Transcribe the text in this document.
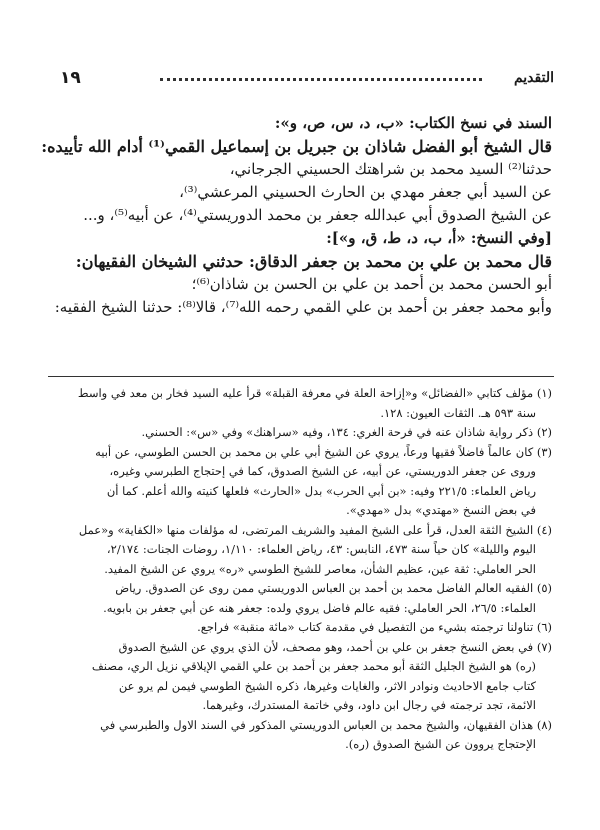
التقديم
١٩
السند في نسخ الكتاب: «ب، د، س، ص، و»:
قال الشيخ أبو الفضل شاذان بن جبريل بن إسماعيل القمي⁽¹⁾ أدام الله تأييده:
حدثنا⁽²⁾ السيد محمد بن شراهتك الحسيني الجرجاني،
عن السيد أبي جعفر مهدي بن الحارث الحسيني المرعشي⁽³⁾،
عن الشيخ الصدوق أبي عبدالله جعفر بن محمد الدوريستي⁽⁴⁾، عن أبيه⁽⁵⁾، و...
[وفي النسخ: «أ، ب، د، ط، ق، و»]:
قال محمد بن علي بن محمد بن جعفر الدقاق: حدثني الشيخان الفقيهان:
أبو الحسن محمد بن أحمد بن علي بن الحسن بن شاذان⁽⁶⁾؛
وأبو محمد جعفر بن أحمد بن علي القمي رحمه الله⁽⁷⁾، قالا⁽⁸⁾: حدثنا الشيخ الفقيه:
(١) مؤلف كتابي «الفضائل» و«إزاحة العلة في معرفة القبلة» قرأ عليه السيد فخار بن معد في واسط
سنة ٥٩٣ هـ. الثقات العيون: ١٢٨.
(٢) ذكر رواية شاذان عنه في فرحة الغري: ١٣٤، وفيه «سراهنك» وفي «س»: الحسني.
(٣) كان عالماً فاضلاً فقيها ورعاً، يروي عن الشيخ أبي علي بن محمد بن الحسن الطوسي، عن أبيه
وروى عن جعفر الدوريستي، عن أبيه، عن الشيخ الصدوق، كما في إحتجاج الطبرسي وغيره،
رياض العلماء: ٢٢١/٥ وفيه: «بن أبي الحرب» بدل «الحارث» فلعلها كنيته والله أعلم. كما أن
في بعض النسخ «مهتدي» بدل «مهدي».
(٤) الشيخ الثقة العدل، قرأ على الشيخ المفيد والشريف المرتضى، له مؤلفات منها «الكفاية» و«عمل
اليوم والليلة» كان حياً سنة ٤٧٣، النابس: ٤٣، رياض العلماء: ١/١١٠، روضات الجنات: ٢/١٧٤،
الحر العاملي: ثقة عين، عظيم الشأن، معاصر للشيخ الطوسي «ره» يروي عن الشيخ المفيد.
(٥) الفقيه العالم الفاضل محمد بن أحمد بن العباس الدوريستي ممن روى عن الصدوق. رياض
العلماء: ٢٦/٥، الحر العاملي: فقيه عالم فاضل يروي ولده: جعفر هنه عن أبي جعفر بن بابويه.
(٦) تناولنا ترجمته بشيء من التفصيل في مقدمة كتاب «مائة منقبة» فراجع.
(٧) في بعض النسخ جعفر بن علي بن أحمد، وهو مصحف، لأن الذي يروي عن الشيخ الصدوق
(ره) هو الشيخ الجليل الثقة أبو محمد جعفر بن أحمد بن علي القمي الإيلاقي نزيل الري، مصنف
كتاب جامع الاحاديث ونوادر الاثر، والغايات وغيرها، ذكره الشيخ الطوسي فيمن لم يرو عن
الائمة، تجد ترجمته في رجال ابن داود، وفي خاتمة المستدرك، وغيرهما.
(٨) هذان الفقيهان، والشيخ محمد بن العباس الدوريستي المذكور في السند الاول والطبرسي في
الإحتجاج يروون عن الشيخ الصدوق (ره).
